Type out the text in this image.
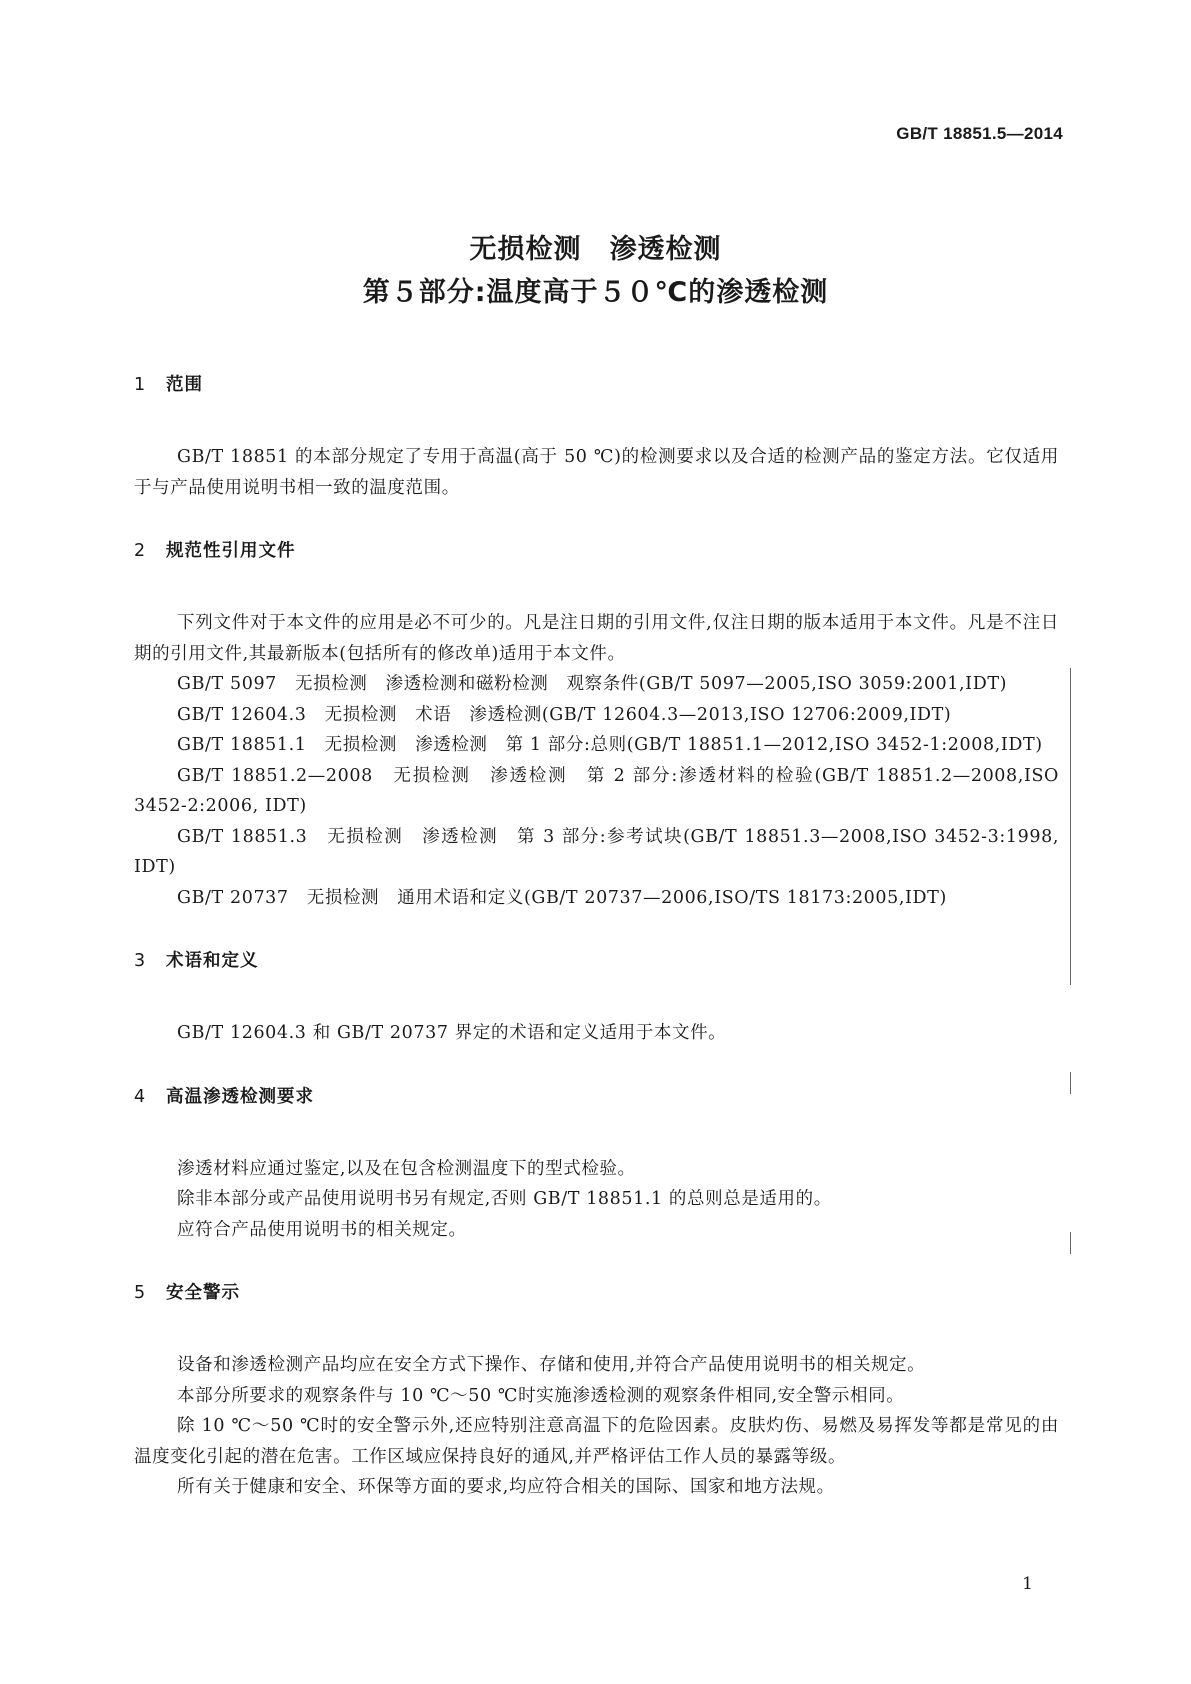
GB/T 18851.5—2014
无损检测　渗透检测
第５部分:温度高于５０℃的渗透检测
1 范围

GB/T 18851 的本部分规定了专用于高温(高于 50 ℃)的检测要求以及合适的检测产品的鉴定方法。它仅适用于与产品使用说明书相一致的温度范围。

2 规范性引用文件

下列文件对于本文件的应用是必不可少的。凡是注日期的引用文件,仅注日期的版本适用于本文件。凡是不注日期的引用文件,其最新版本(包括所有的修改单)适用于本文件。

GB/T 5097　无损检测　渗透检测和磁粉检测　观察条件(GB/T 5097—2005,ISO 3059:2001,IDT)

GB/T 12604.3　无损检测　术语　渗透检测(GB/T 12604.3—2013,ISO 12706:2009,IDT)

GB/T 18851.1　无损检测　渗透检测　第 1 部分:总则(GB/T 18851.1—2012,ISO 3452-1:2008,IDT)

GB/T 18851.2—2008　无损检测　渗透检测　第 2 部分:渗透材料的检验(GB/T 18851.2—2008,ISO 3452-2:2006, IDT)

GB/T 18851.3　无损检测　渗透检测　第 3 部分:参考试块(GB/T 18851.3—2008,ISO 3452-3:1998, IDT)

GB/T 20737　无损检测　通用术语和定义(GB/T 20737—2006,ISO/TS 18173:2005,IDT)

3 术语和定义

GB/T 12604.3 和 GB/T 20737 界定的术语和定义适用于本文件。

4 高温渗透检测要求

渗透材料应通过鉴定,以及在包含检测温度下的型式检验。

除非本部分或产品使用说明书另有规定,否则 GB/T 18851.1 的总则总是适用的。

应符合产品使用说明书的相关规定。

5 安全警示

设备和渗透检测产品均应在安全方式下操作、存储和使用,并符合产品使用说明书的相关规定。

本部分所要求的观察条件与 10 ℃～50 ℃时实施渗透检测的观察条件相同,安全警示相同。

除 10 ℃～50 ℃时的安全警示外,还应特别注意高温下的危险因素。皮肤灼伤、易燃及易挥发等都是常见的由温度变化引起的潜在危害。工作区域应保持良好的通风,并严格评估工作人员的暴露等级。

所有关于健康和安全、环保等方面的要求,均应符合相关的国际、国家和地方法规。

1
